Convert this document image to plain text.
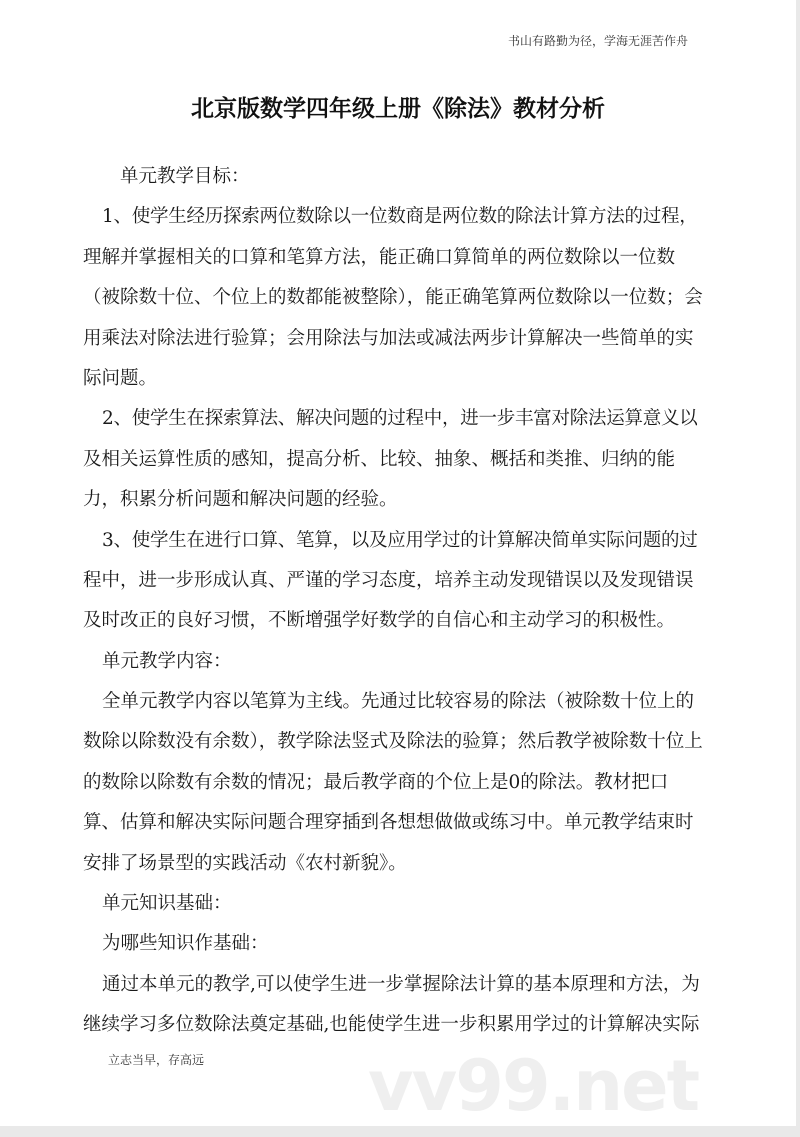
书山有路勤为径，学海无涯苦作舟
北京版数学四年级上册《除法》教材分析
单元教学目标：
1、使学生经历探索两位数除以一位数商是两位数的除法计算方法的过程，
理解并掌握相关的口算和笔算方法，能正确口算简单的两位数除以一位数
（被除数十位、个位上的数都能被整除），能正确笔算两位数除以一位数；会
用乘法对除法进行验算；会用除法与加法或减法两步计算解决一些简单的实
际问题。
2、使学生在探索算法、解决问题的过程中，进一步丰富对除法运算意义以
及相关运算性质的感知，提高分析、比较、抽象、概括和类推、归纳的能
力，积累分析问题和解决问题的经验。
3、使学生在进行口算、笔算，以及应用学过的计算解决简单实际问题的过
程中，进一步形成认真、严谨的学习态度，培养主动发现错误以及发现错误
及时改正的良好习惯，不断增强学好数学的自信心和主动学习的积极性。
单元教学内容：
全单元教学内容以笔算为主线。先通过比较容易的除法（被除数十位上的
数除以除数没有余数），教学除法竖式及除法的验算；然后教学被除数十位上
的数除以除数有余数的情况；最后教学商的个位上是0的除法。教材把口
算、估算和解决实际问题合理穿插到各想想做做或练习中。单元教学结束时
安排了场景型的实践活动《农村新貌》。
单元知识基础：
为哪些知识作基础：
通过本单元的教学,可以使学生进一步掌握除法计算的基本原理和方法，为
继续学习多位数除法奠定基础,也能使学生进一步积累用学过的计算解决实际
立志当早，存高远 vv99.net
